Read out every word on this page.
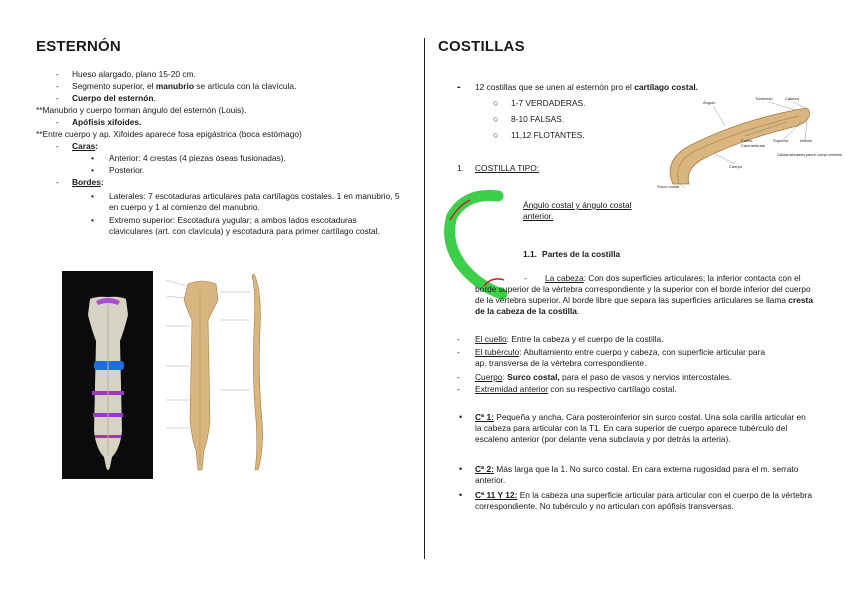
ESTERNÓN
- Hueso alargado, plano 15-20 cm.
- Segmento superior, el manubrio se articula con la clavícula.
- Cuerpo del esternón.
**Manubrio y cuerpo forman ángulo del esternón (Louis).
- Apófisis xifoides.
**Entre cuerpo y ap. Xifoides aparece fosa epigástrica (boca estómago)
- Caras:
• Anterior: 4 crestas (4 piezas óseas fusionadas).
• Posterior.
- Bordes:
• Laterales: 7 escotaduras articulares pata cartílagos costales. 1 en manubrio, 5 en cuerpo y 1 al comienzo del manubrio.
• Extremo superior: Escotadura yugular; a ambos lados escotaduras claviculares (art. con clavícula) y escotadura para primer cartílago costal.
COSTILLAS
- 12 costillas que se unen al esternón pro el cartílago costal.
○ 1-7 VERDADERAS.
○ 8-10 FALSAS.
○ 11,12 FLOTANTES.
1. COSTILLA TIPO:
Tubérculo	Cabeza
Ángulo
Cuello
Cara articular
Superior	Inferior
Carillas articulares para el cuerpo vertebral
Cuerpo
Surco costal
Ángulo costal y ángulo costal anterior.
1.1. Partes de la costilla
-	La cabeza: Con dos superficies articulares; la inferior contacta con el borde superior de la vértebra correspondiente y la superior con el borde inferior del cuerpo de la vértebra superior. Al borde libre que separa las superficies articulares se llama cresta de la cabeza de la costilla.
- El cuello: Entre la cabeza y el cuerpo de la costilla.
- El tubérculo: Abultamiento entre cuerpo y cabeza, con superficie articular para ap. transversa de la vértebra correspondiente.
- Cuerpo: Surco costal, para el paso de vasos y nervios intercostales.
- Extremidad anterior con su respectivo cartílago costal.
• Cª 1: Pequeña y ancha. Cara posteroinferior sin surco costal. Una sola carilla articular en la cabeza para articular con la T1. En cara superior de cuerpo aparece tubérculo del escaleno anterior (por delante vena subclavia y por detrás la arteria).
• Cª 2: Más larga que la 1. No surco costal. En cara externa rugosidad para el m. serrato anterior.
• Cª 11 Y 12: En la cabeza una superficie articular para articular con el cuerpo de la vértebra correspondiente. No tubérculo y no articulan con apófisis transversas.
